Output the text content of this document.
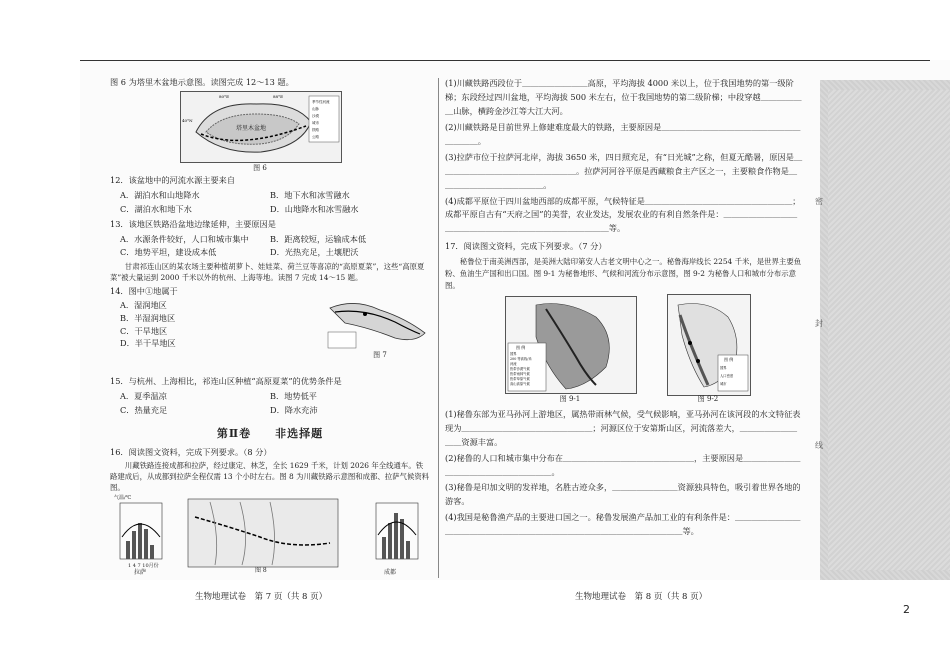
密
封
线
图 6 为塔里木盆地示意图。读图完成 12～13 题。
塔里木盆地
季节性河流
山脉
沙漠
城市
铁路
公路
40°N
80°E	88°E
图 6
12．该盆地中的河流水源主要来自
A．湖泊水和山地降水	B．地下水和冰雪融水
C．湖泊水和地下水	D．山地降水和冰雪融水
13．该地区铁路沿盆地边缘延伸，主要原因是
A．水源条件较好，人口和城市集中	B．距离较短，运输成本低
C．地势平坦，建设成本低	D．光热充足，土壤肥沃
甘肃祁连山区的某农场主要种植胡萝卜、娃娃菜、荷兰豆等喜凉的“高原夏菜”，这些“高原夏菜”被大量运到 2000 千米以外的杭州、上海等地。读图 7 完成 14～15 题。
14．图中①地属于
A．湿润地区
B．半湿润地区
C．干旱地区
D．半干旱地区
图 7
15．与杭州、上海相比，祁连山区种植“高原夏菜”的优势条件是
A．夏季温凉	B．地势低平
C．热量充足	D．降水充沛
第Ⅱ卷　　非选择题
16．阅读图文资料，完成下列要求。（8 分）
川藏铁路连接成都和拉萨，经过康定、林芝，全长 1629 千米，计划 2026 年全线通车。铁路建成后，从成都到拉萨全程仅需 13 个小时左右。图 8 为川藏铁路示意图和成都、拉萨气候资料图。
气温/℃
1 4 7 10月份
拉萨	成都
图 8
生物地理试卷　第 7 页（共 8 页）
(1)川藏铁路西段位于＿＿＿＿＿＿＿＿高原，平均海拔 4000 米以上，位于我国地势的第一级阶梯；东段经过四川盆地，平均海拔 500 米左右，位于我国地势的第二级阶梯；中段穿越＿＿＿＿＿＿山脉，横跨金沙江等大江大河。
(2)川藏铁路是目前世界上修建难度最大的铁路，主要原因是＿＿＿＿＿＿＿＿＿＿＿＿＿＿＿＿＿＿＿＿＿。
(3)拉萨市位于拉萨河北岸，海拔 3650 米，四日照充足，有“日光城”之称，但夏无酷暑，原因是＿＿＿＿＿＿＿＿＿＿＿＿＿＿＿＿＿。拉萨河河谷平原是西藏粮食主产区之一，主要粮食作物是＿＿＿＿＿＿＿＿＿＿＿＿＿。
(4)成都平原位于四川盆地西部的成都平原，气候特征是＿＿＿＿＿＿＿＿＿＿＿＿＿＿＿＿＿＿；成都平原自古有“天府之国”的美誉，农业发达，发展农业的有利自然条件是：＿＿＿＿＿＿＿＿＿＿＿＿＿＿＿＿＿＿＿＿＿＿＿＿＿＿＿＿＿等。
17．阅读图文资料，完成下列要求。（7 分）
秘鲁位于南美洲西部，是美洲大陆印第安人古老文明中心之一。秘鲁海岸线长 2254 千米，是世界主要鱼粉、鱼油生产国和出口国。图 9-1 为秘鲁地形、气候和河流分布示意图，图 9-2 为秘鲁人口和城市分布示意图。
图 例
国界
200 等高线/米
河流
热带沙漠气候
热带雨林气候
热带草原气候
高山高原气候
图 例
国界
人口密度
城市
图 9-1	图 9-2
(1)秘鲁东部为亚马孙河上游地区，属热带雨林气候，受气候影响，亚马孙河在该河段的水文特征表现为＿＿＿＿＿＿＿＿＿＿＿＿＿＿＿＿；河源区位于安第斯山区，河流落差大，＿＿＿＿＿＿＿＿＿资源丰富。
(2)秘鲁的人口和城市集中分布在＿＿＿＿＿＿＿＿＿＿＿＿＿＿＿＿，主要原因是＿＿＿＿＿＿＿＿＿＿＿＿＿＿＿＿＿＿＿＿。
(3)秘鲁是印加文明的发祥地，名胜古迹众多，＿＿＿＿＿＿＿＿资源独具特色，吸引着世界各地的游客。
(4)我国是秘鲁渔产品的主要进口国之一。秘鲁发展渔产品加工业的有利条件是：＿＿＿＿＿＿＿＿＿＿＿＿＿＿＿＿＿＿＿＿＿＿＿＿＿＿＿＿＿＿＿＿＿＿＿＿＿等。
生物地理试卷　第 8 页（共 8 页）
2
